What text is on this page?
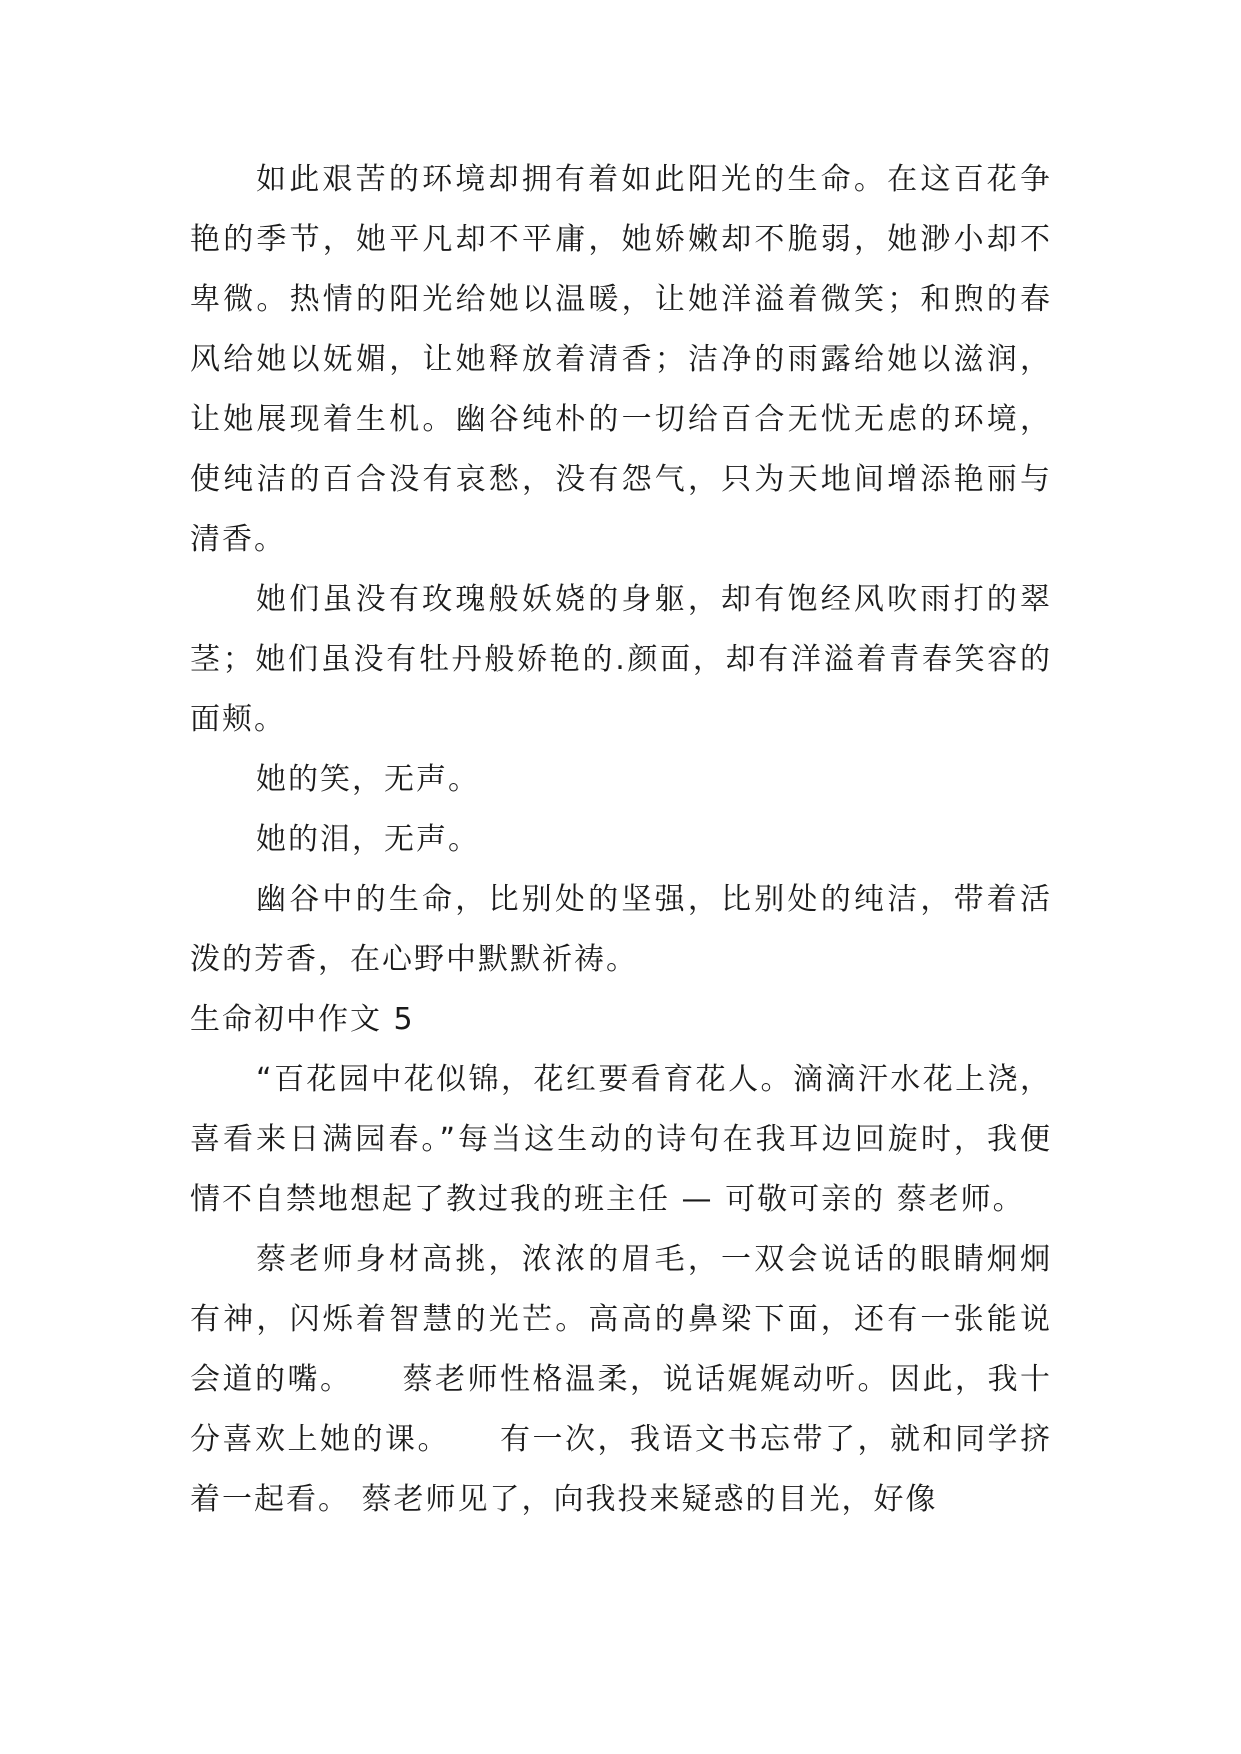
如此艰苦的环境却拥有着如此阳光的生命。在这百花争艳的季节，她平凡却不平庸，她娇嫩却不脆弱，她渺小却不卑微。热情的阳光给她以温暖，让她洋溢着微笑；和煦的春风给她以妩媚，让她释放着清香；洁净的雨露给她以滋润，让她展现着生机。幽谷纯朴的一切给百合无忧无虑的环境，使纯洁的百合没有哀愁，没有怨气，只为天地间增添艳丽与清香。

她们虽没有玫瑰般妖娆的身躯，却有饱经风吹雨打的翠茎；她们虽没有牡丹般娇艳的.颜面，却有洋溢着青春笑容的面颊。

她的笑，无声。

她的泪，无声。

幽谷中的生命，比别处的坚强，比别处的纯洁，带着活泼的芳香，在心野中默默祈祷。

生命初中作文 5

“百花园中花似锦，花红要看育花人。滴滴汗水花上浇，喜看来日满园春。”每当这生动的诗句在我耳边回旋时，我便情不自禁地想起了教过我的班主任 — 可敬可亲的 蔡老师。

蔡老师身材高挑，浓浓的眉毛，一双会说话的眼睛炯炯有神，闪烁着智慧的光芒。高高的鼻梁下面，还有一张能说会道的嘴。　　蔡老师性格温柔，说话娓娓动听。因此，我十分喜欢上她的课。　　有一次，我语文书忘带了，就和同学挤着一起看。 蔡老师见了，向我投来疑惑的目光，好像
